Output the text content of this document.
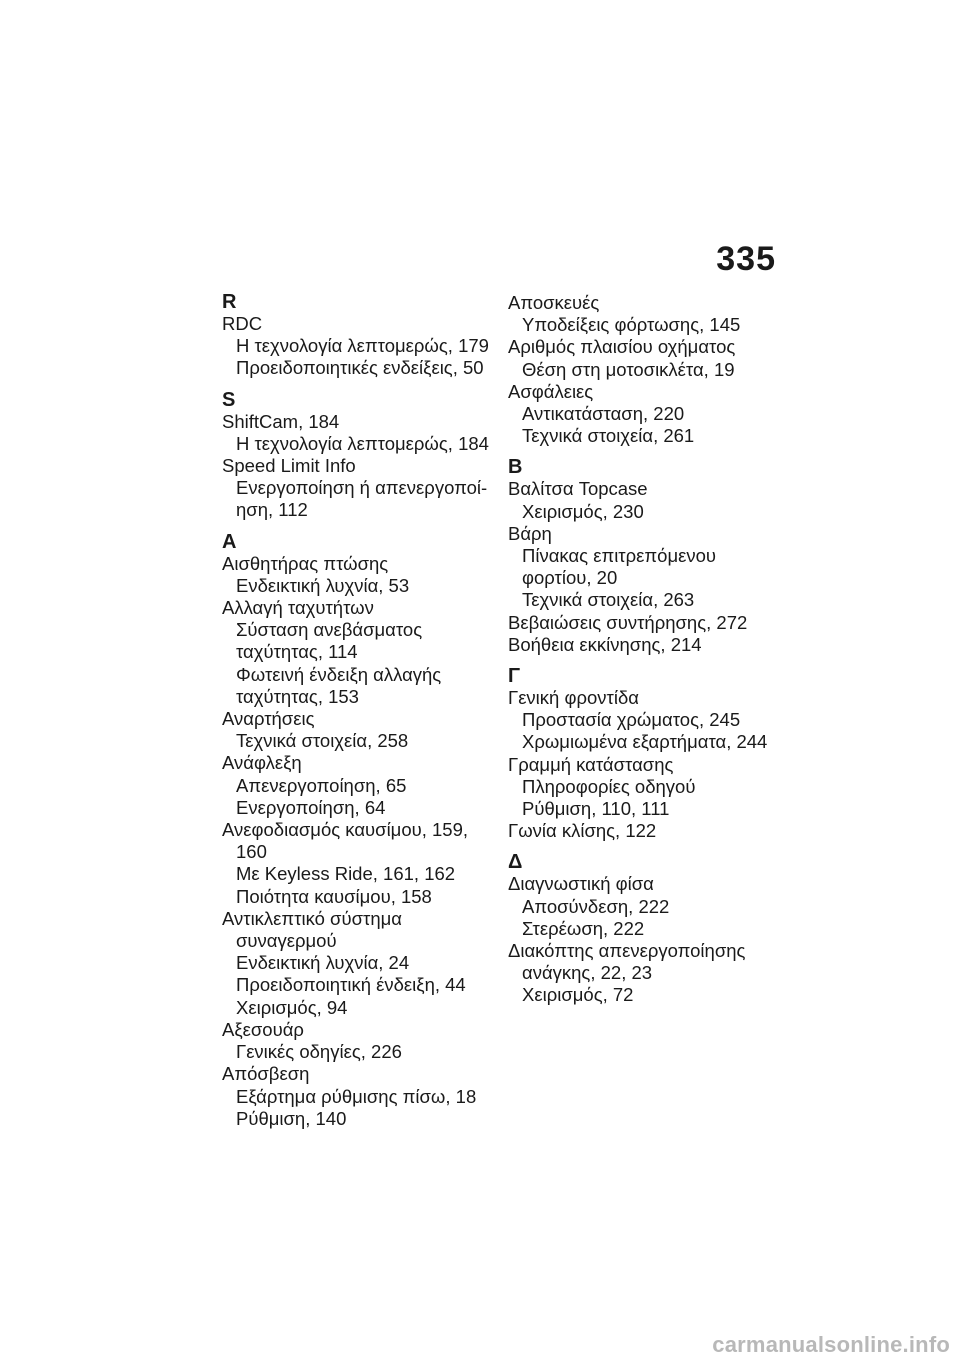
335
R
RDC
Η τεχνολογία λεπτομερώς, 179
Προειδοποιητικές ενδείξεις, 50
S
ShiftCam, 184
Η τεχνολογία λεπτομερώς, 184
Speed Limit Info
Ενεργοποίηση ή απενεργοποί-
ηση, 112
Α
Αισθητήρας πτώσης
Ενδεικτική λυχνία, 53
Αλλαγή ταχυτήτων
Σύσταση ανεβάσματος
ταχύτητας, 114
Φωτεινή ένδειξη αλλαγής
ταχύτητας, 153
Αναρτήσεις
Τεχνικά στοιχεία, 258
Ανάφλεξη
Απενεργοποίηση, 65
Ενεργοποίηση, 64
Ανεφοδιασμός καυσίμου, 159,
160
Με Keyless Ride, 161, 162
Ποιότητα καυσίμου, 158
Αντικλεπτικό σύστημα
συναγερμού
Ενδεικτική λυχνία, 24
Προειδοποιητική ένδειξη, 44
Χειρισμός, 94
Αξεσουάρ
Γενικές οδηγίες, 226
Απόσβεση
Εξάρτημα ρύθμισης πίσω, 18
Ρύθμιση, 140
Αποσκευές
Υποδείξεις φόρτωσης, 145
Αριθμός πλαισίου οχήματος
Θέση στη μοτοσικλέτα, 19
Ασφάλειες
Αντικατάσταση, 220
Τεχνικά στοιχεία, 261
Β
Βαλίτσα Topcase
Χειρισμός, 230
Βάρη
Πίνακας επιτρεπόμενου
φορτίου, 20
Τεχνικά στοιχεία, 263
Βεβαιώσεις συντήρησης, 272
Βοήθεια εκκίνησης, 214
Γ
Γενική φροντίδα
Προστασία χρώματος, 245
Χρωμιωμένα εξαρτήματα, 244
Γραμμή κατάστασης
Πληροφορίες οδηγού
Ρύθμιση, 110, 111
Γωνία κλίσης, 122
Δ
Διαγνωστική φίσα
Αποσύνδεση, 222
Στερέωση, 222
Διακόπτης απενεργοποίησης
ανάγκης, 22, 23
Χειρισμός, 72
carmanualsonline.info
